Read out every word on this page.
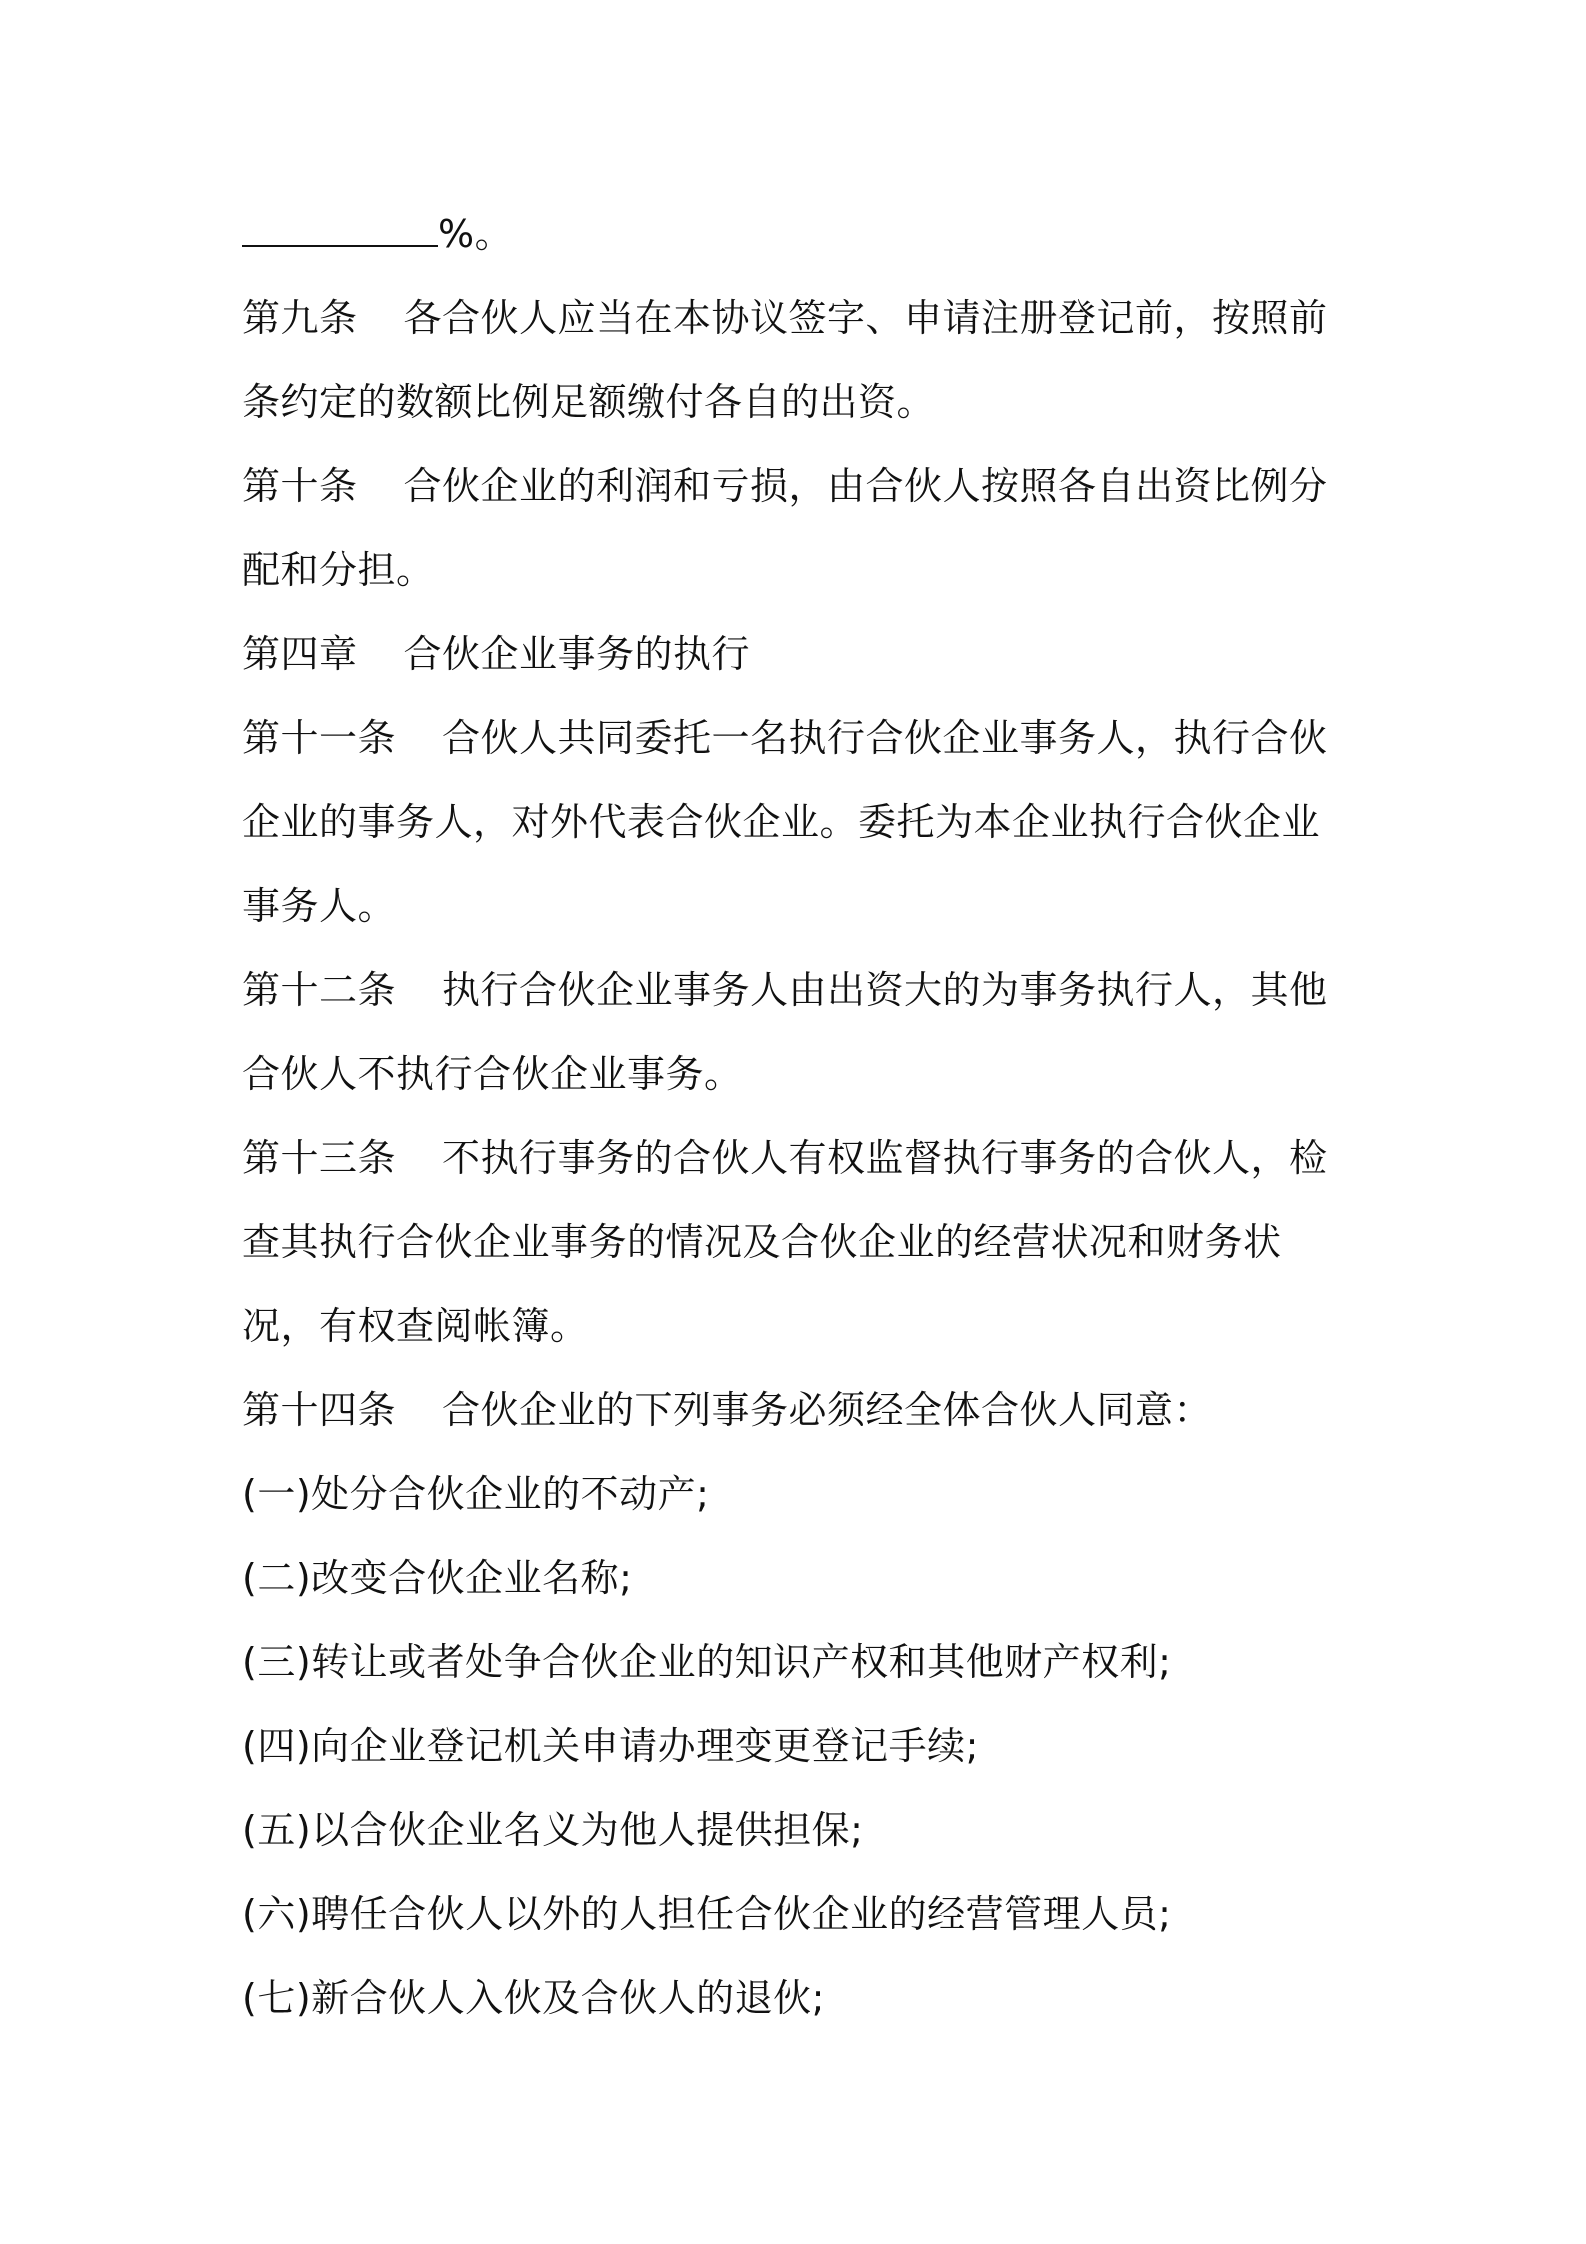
%。
第九条 各合伙人应当在本协议签字、申请注册登记前，按照前
条约定的数额比例足额缴付各自的出资。
第十条 合伙企业的利润和亏损，由合伙人按照各自出资比例分
配和分担。
第四章 合伙企业事务的执行
第十一条 合伙人共同委托一名执行合伙企业事务人，执行合伙
企业的事务人，对外代表合伙企业。委托为本企业执行合伙企业
事务人。
第十二条 执行合伙企业事务人由出资大的为事务执行人，其他
合伙人不执行合伙企业事务。
第十三条 不执行事务的合伙人有权监督执行事务的合伙人，检
查其执行合伙企业事务的情况及合伙企业的经营状况和财务状
况，有权查阅帐簿。
第十四条 合伙企业的下列事务必须经全体合伙人同意：
(一)处分合伙企业的不动产;
(二)改变合伙企业名称;
(三)转让或者处争合伙企业的知识产权和其他财产权利;
(四)向企业登记机关申请办理变更登记手续;
(五)以合伙企业名义为他人提供担保;
(六)聘任合伙人以外的人担任合伙企业的经营管理人员;
(七)新合伙人入伙及合伙人的退伙;
